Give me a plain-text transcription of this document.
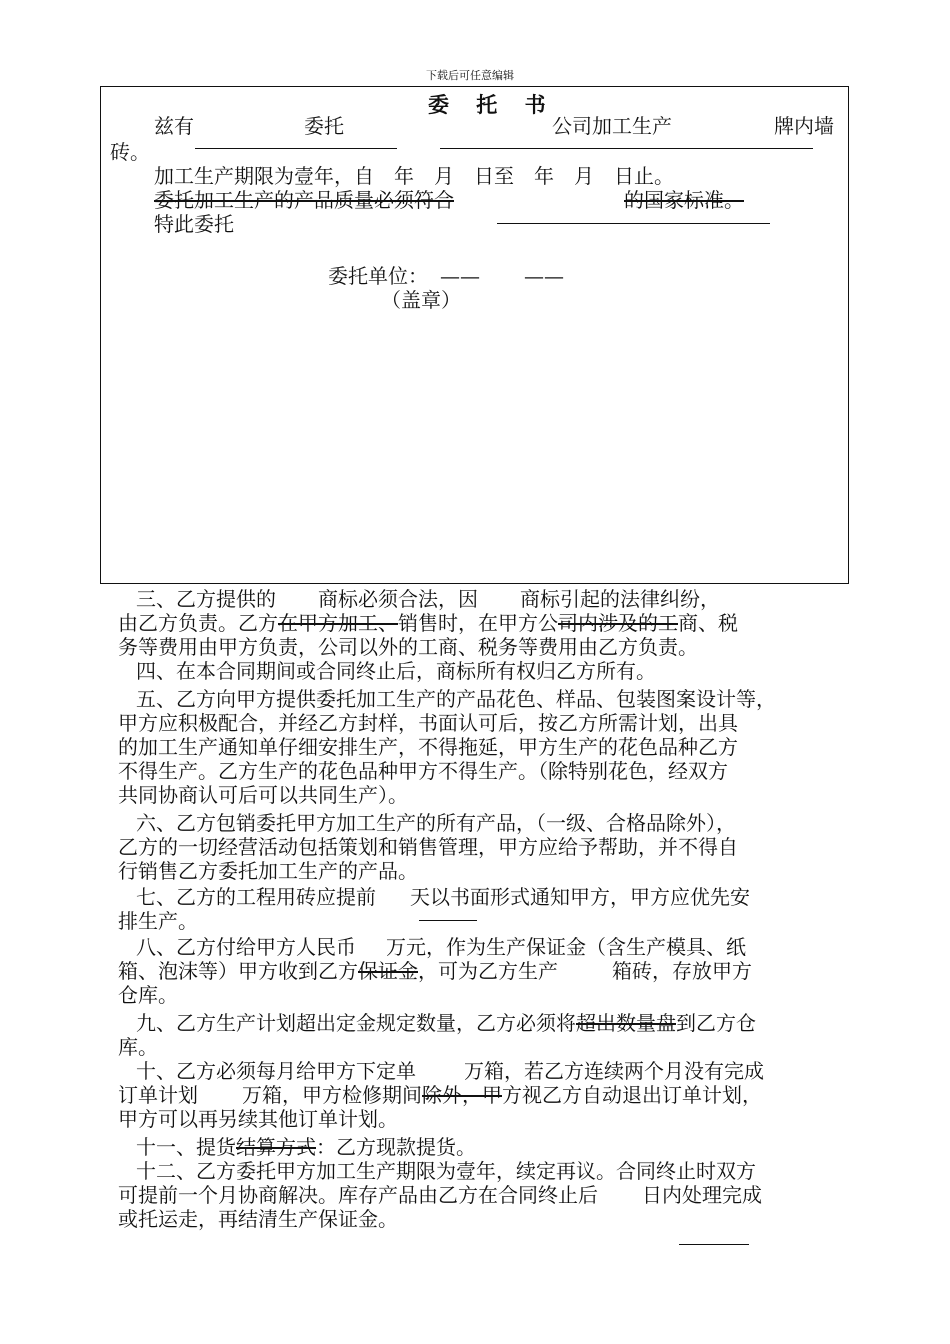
下载后可任意编辑
委 托 书
兹有	委托	公司加工生产	牌内墙
砖。
加工生产期限为壹年，自　年　月　日至　年　月　日止。
委托加工生产的产品质量必须符合	的国家标准。
特此委托
委托单位： —— ——
（盖章）
三、乙方提供的 商标必须合法，因 商标引起的法律纠纷，
由乙方负责。乙方在甲方加工、销售时，在甲方公司内涉及的工商、税
务等费用由甲方负责，公司以外的工商、税务等费用由乙方负责。
四、在本合同期间或合同终止后，商标所有权归乙方所有。
五、乙方向甲方提供委托加工生产的产品花色、样品、包装图案设计等，
甲方应积极配合，并经乙方封样，书面认可后，按乙方所需计划，出具
的加工生产通知单仔细安排生产，不得拖延，甲方生产的花色品种乙方
不得生产。乙方生产的花色品种甲方不得生产。（除特别花色，经双方
共同协商认可后可以共同生产）。
六、乙方包销委托甲方加工生产的所有产品，（一级、合格品除外），
乙方的一切经营活动包括策划和销售管理，甲方应给予帮助，并不得自
行销售乙方委托加工生产的产品。
七、乙方的工程用砖应提前 天以书面形式通知甲方，甲方应优先安
排生产。
八、乙方付给甲方人民币 万元，作为生产保证金（含生产模具、纸
箱、泡沫等）甲方收到乙方保证金，可为乙方生产	箱砖，存放甲方
仓库。
九、乙方生产计划超出定金规定数量，乙方必须将超出数量盘到乙方仓
库。
十、乙方必须每月给甲方下定单 万箱，若乙方连续两个月没有完成
订单计划 万箱，甲方检修期间除外，甲方视乙方自动退出订单计划，
甲方可以再另续其他订单计划。
十一、提货结算方式：乙方现款提货。
十二、乙方委托甲方加工生产期限为壹年，续定再议。合同终止时双方
可提前一个月协商解决。库存产品由乙方在合同终止后 日内处理完成
或托运走，再结清生产保证金。
